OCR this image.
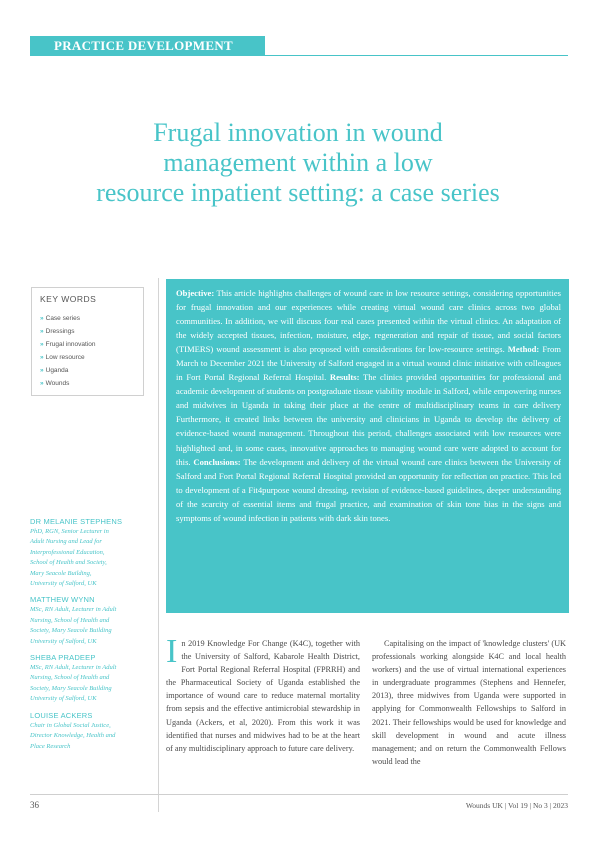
PRACTICE DEVELOPMENT
Frugal innovation in wound
management within a low
resource inpatient setting: a case series
KEY WORDS
» Case series
» Dressings
» Frugal innovation
» Low resource
» Uganda
» Wounds
DR MELANIE STEPHENS
PhD, RGN, Senior Lecturer in
Adult Nursing and Lead for
Interprofessional Education,
School of Health and Society,
Mary Seacole Building,
University of Salford, UK
MATTHEW WYNN
MSc, RN Adult, Lecturer in Adult
Nursing, School of Health and
Society, Mary Seacole Building
University of Salford, UK
SHEBA PRADEEP
MSc, RN Adult, Lecturer in Adult
Nursing, School of Health and
Society, Mary Seacole Building
University of Salford, UK
LOUISE ACKERS
Chair in Global Social Justice,
Director Knowledge, Health and
Place Research

Objective: This article highlights challenges of wound care in low resource settings, considering opportunities for frugal innovation and our experiences while creating virtual wound care clinics across two global communities. In addition, we will discuss four real cases presented within the virtual clinics. An adaptation of the widely accepted tissues, infection, moisture, edge, regeneration and repair of tissue, and social factors (TIMERS) wound assessment is also proposed with considerations for low-resource settings. Method: From March to December 2021 the University of Salford engaged in a virtual wound clinic initiative with colleagues in Fort Portal Regional Referral Hospital. Results: The clinics provided opportunities for professional and academic development of students on postgraduate tissue viability module in Salford, while empowering nurses and midwives in Uganda in taking their place at the centre of multidisciplinary teams in care delivery Furthermore, it created links between the university and clinicians in Uganda to develop the delivery of evidence-based wound management. Throughout this period, challenges associated with low resources were highlighted and, in some cases, innovative approaches to managing wound care were adopted to account for this. Conclusions: The development and delivery of the virtual wound care clinics between the University of Salford and Fort Portal Regional Referral Hospital provided an opportunity for reflection on practice. This led to development of a Fit4purpose wound dressing, revision of evidence-based guidelines, deeper understanding of the scarcity of essential items and frugal practice, and examination of skin tone bias in the signs and symptoms of wound infection in patients with dark skin tones.

I n 2019 Knowledge For Change (K4C), together with the University of Salford, Kabarole Health District, Fort Portal Regional Referral Hospital (FPRRH) and the Pharmaceutical Society of Uganda established the importance of wound care to reduce maternal mortality from sepsis and the effective antimicrobial stewardship in Uganda (Ackers, et al, 2020). From this work it was identified that nurses and midwives had to be at the heart of any multidisciplinary approach to future care delivery.

Capitalising on the impact of 'knowledge clusters' (UK professionals working alongside K4C and local health workers) and the use of virtual international experiences in undergraduate programmes (Stephens and Hennefer, 2013), three midwives from Uganda were supported in applying for Commonwealth Fellowships to Salford in 2021. Their fellowships would be used for knowledge and skill development in wound and acute illness management; and on return the Commonwealth Fellows would lead the

36	Wounds UK | Vol 19 | No 3 | 2023
